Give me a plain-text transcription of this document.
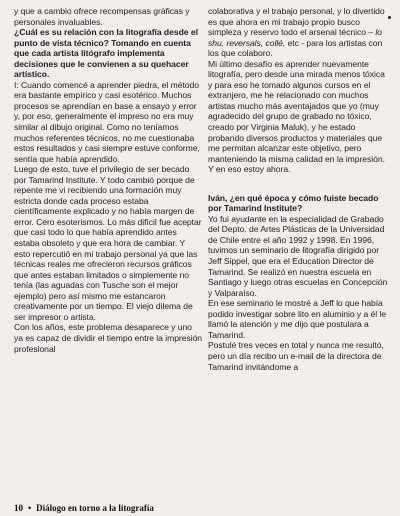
y que a cambio ofrece recompensas gráficas y personales invaluables.

¿Cuál es su relación con la litografía desde el punto de vista técnico? Tomando en cuenta que cada artista litógrafo implementa decisiones que le convienen a su quehacer artístico.

I: Cuando comencé a aprender piedra, el método era bastante empírico y casi esotérico. Muchos procesos se aprendían en base a ensayo y error y, por eso, generalmente el impreso no era muy similar al dibujo original. Como no teníamos muchos referentes técnicos, no me cuestionaba estos resultados y casi siempre estuve conforme, sentía que había aprendido.

Luego de esto, tuve el privilegio de ser becado por Tamarind Institute. Y todo cambió porque de repente me vi recibiendo una formación muy estricta donde cada proceso estaba científicamente explicado y no había margen de error. Cero esoterismos. Lo más difícil fue aceptar que casi todo lo que había aprendido antes estaba obsoleto y que era hora de cambiar. Y esto repercutió en mi trabajo personal ya que las técnicas reales me ofrecieron recursos gráficos que antes estaban limitados o simplemente no tenía (las aguadas con Tusche son el mejor ejemplo) pero así mismo me estancaron creativamente por un tiempo. El viejo dilema de ser impresor o artista.

Con los años, este problema desaparece y uno ya es capaz de dividir el tiempo entre la impresión profesional

colaborativa y el trabajo personal, y lo divertido es que ahora en mi trabajo propio busco simpleza y reservo todo el arsenal técnico – lo shu, reversals, collé, etc - para los artistas con los que colaboro.

Mi último desafío es aprender nuevamente litografía, pero desde una mirada menos tóxica y para eso he tomado algunos cursos en el extranjero, me he relacionado con muchos artistas mucho más aventajados que yo (muy agradecido del grupo de grabado no tóxico, creado por Virginia Maluk), y he estado probando diversos productos y materiales que me permitan alcanzar este objetivo, pero manteniendo la misma calidad en la impresión. Y en eso estoy ahora.

Iván, ¿en qué época y cómo fuiste becado por Tamarind Institute?

Yo fui ayudante en la especialidad de Grabado del Depto. de Artes Plásticas de la Universidad de Chile entre el año 1992 y 1998. En 1996, tuvimos un seminario de litografía dirigido por Jeff Sippel, que era el Education Director de Tamarind. Se realizó en nuestra escuela en Santiago y luego otras escuelas en Concepción y Valparaíso.

En ese seminario le mostré a Jeff lo que había podido investigar sobre lito en aluminio y a él le llamó la atención y me dijo que postulara a Tamarind.

Postulé tres veces en total y nunca me resultó, pero un día recibo un e-mail de la directora de Tamarind invitándome a

10 • Diálogo en torno a la litografía
